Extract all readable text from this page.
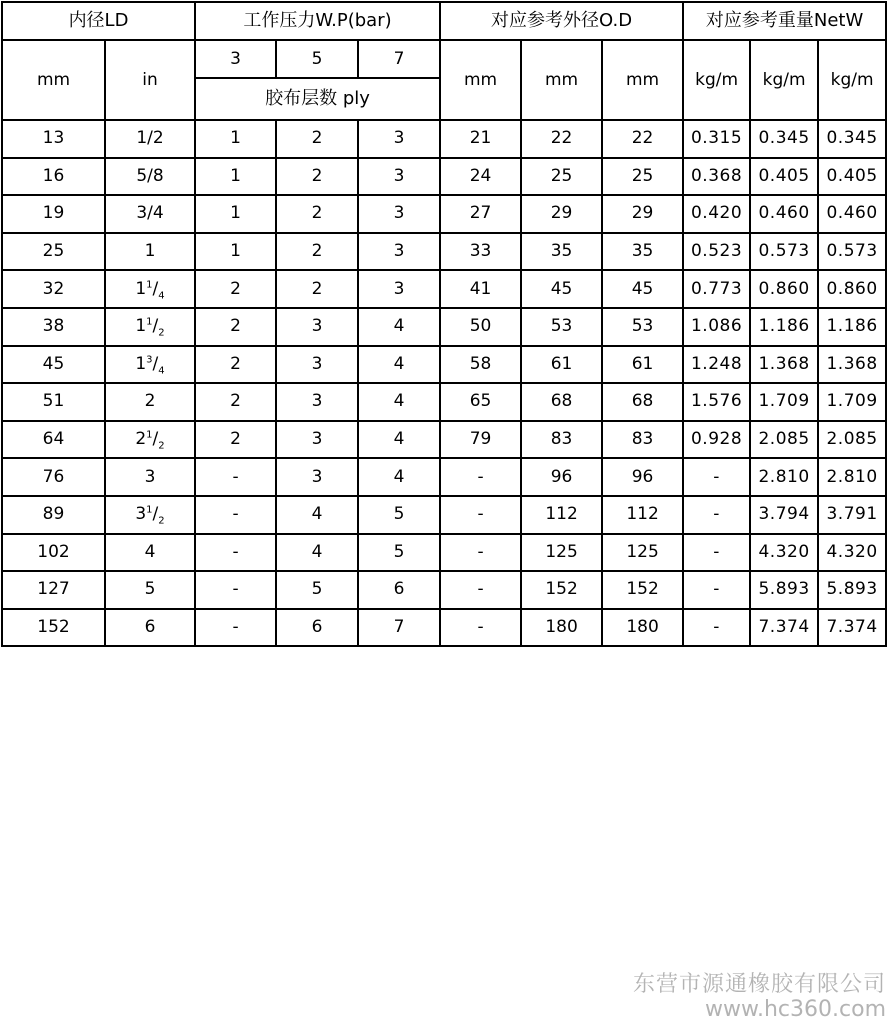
内径LD		工作压力W.P(bar)			对应参考外径O.D			对应参考重量NetW		
mm	in	3	5	7	mm	mm	mm	kg/m	kg/m	kg/m
		胶布层数 ply								
13	1/2	1	2	3	21	22	22	0.315	0.345	0.345
16	5/8	1	2	3	24	25	25	0.368	0.405	0.405
19	3/4	1	2	3	27	29	29	0.420	0.460	0.460
25	1	1	2	3	33	35	35	0.523	0.573	0.573
32	$1^1/_4$	2	2	3	41	45	45	0.773	0.860	0.860
38	$1^1/_2$	2	3	4	50	53	53	1.086	1.186	1.186
45	$1^3/_4$	2	3	4	58	61	61	1.248	1.368	1.368
51	2	2	3	4	65	68	68	1.576	1.709	1.709
64	$2^1/_2$	2	3	4	79	83	83	0.928	2.085	2.085
76	3	-	3	4	-	96	96	-	2.810	2.810
89	$3^1/_2$	-	4	5	-	112	112	-	3.794	3.791
102	4	-	4	5	-	125	125	-	4.320	4.320
127	5	-	5	6	-	152	152	-	5.893	5.893
152	6	-	6	7	-	180	180	-	7.374	7.374
东营市源通橡胶有限公司
www.hc360.com
